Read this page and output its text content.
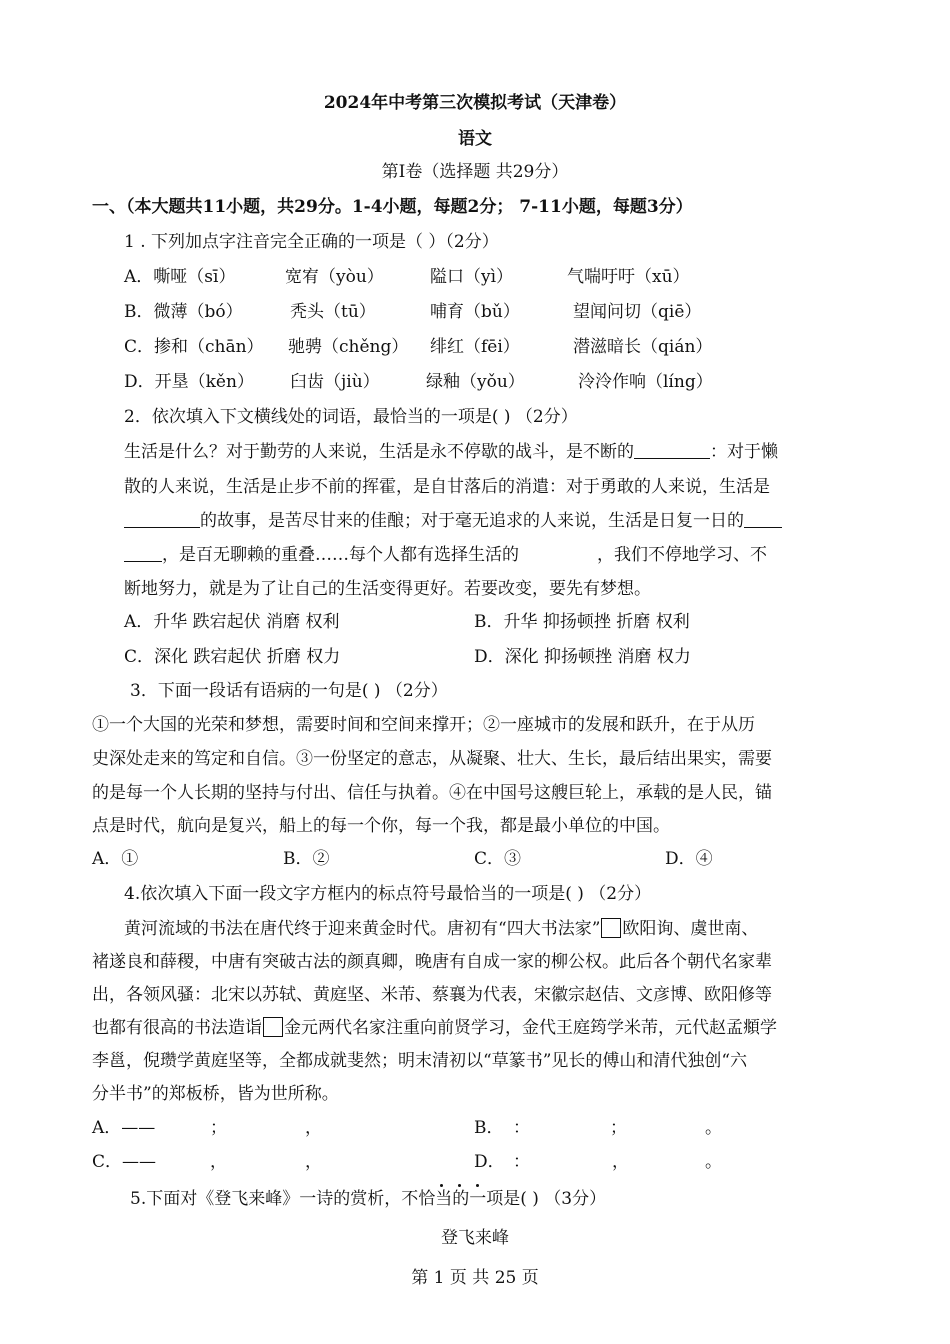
2024年中考第三次模拟考试（天津卷）
语文
第Ⅰ卷（选择题 共29分）
一、（本大题共11小题，共29分。1-4小题，每题2分； 7-11小题，每题3分）
1 . 下列加点字注音完全正确的一项是（ ）（2分）
A．嘶哑（sī）	宽宥（yòu）	隘口（yì）	气喘吁吁（xū）
B．微薄（bó）	秃头（tū）	哺育（bǔ）	望闻问切（qiē）
C．掺和（chān） 驰骋（chěng） 绯红（fēi）	潜滋暗长（qián）
D．开垦（kěn） 臼齿（jiù）	绿釉（yǒu）	泠泠作响（líng）
2．依次填入下文横线处的词语，最恰当的一项是( ) （2分）
生活是什么？对于勤劳的人来说，生活是永不停歇的战斗，是不断的	：对于懒
散的人来说，生活是止步不前的挥霍，是自甘落后的消遣：对于勇敢的人来说，生活是
的故事，是苦尽甘来的佳酿；对于毫无追求的人来说，生活是日复一日的
，是百无聊赖的重叠……每个人都有选择生活的	，我们不停地学习、不
断地努力，就是为了让自己的生活变得更好。若要改变，要先有梦想。
A．升华 跌宕起伏 消磨 权利	B．升华 抑扬顿挫 折磨 权利
C．深化 跌宕起伏 折磨 权力	D．深化 抑扬顿挫 消磨 权力
3．下面一段话有语病的一句是( ) （2分）
①一个大国的光荣和梦想，需要时间和空间来撑开；②一座城市的发展和跃升，在于从历
史深处走来的笃定和自信。③一份坚定的意志，从凝聚、壮大、生长，最后结出果实，需要
的是每一个人长期的坚持与付出、信任与执着。④在中国号这艘巨轮上，承载的是人民，锚
点是时代，航向是复兴，船上的每一个你，每一个我，都是最小单位的中国。
A．①	B．②	C．③	D．④
4.依次填入下面一段文字方框内的标点符号最恰当的一项是( ) （2分）
黄河流域的书法在唐代终于迎来黄金时代。唐初有“四大书法家” 欧阳询、虞世南、
褚遂良和薛稷，中唐有突破古法的颜真卿，晚唐有自成一家的柳公权。此后各个朝代名家辈
出，各领风骚：北宋以苏轼、黄庭坚、米芾、蔡襄为代表，宋徽宗赵佶、文彦博、欧阳修等
也都有很高的书法造诣 金元两代名家注重向前贤学习，金代王庭筠学米芾，元代赵孟頫学
李邕，倪瓒学黄庭坚等，全都成就斐然；明末清初以“草篆书”见长的傅山和清代独创“六
分半书”的郑板桥，皆为世所称。
A．——	；	，	B． ：	；	。
C．——	，	，	D． ：	，	。
5.下面对《登飞来峰》一诗的赏析，不恰当的一项是( ) （3分）
登飞来峰
第 1 页 共 25 页
